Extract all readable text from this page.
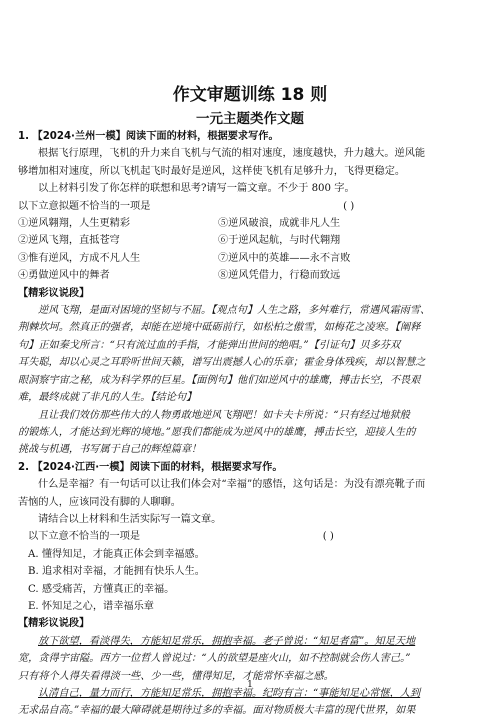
作文审题训练 18 则
一元主题类作文题
1. 【2024·兰州一模】阅读下面的材料，根据要求写作。
根据飞行原理，飞机的升力来自飞机与气流的相对速度，速度越快，升力越大。逆风能
够增加相对速度，所以飞机起飞时最好是逆风，这样使飞机有足够升力，飞得更稳定。
以上材料引发了你怎样的联想和思考?请写一篇文章。不少于 800 字。
以下立意拟题不恰当的一项是	( )
①逆风翱翔，人生更精彩	⑤逆风破浪，成就非凡人生
②逆风飞翔，直抵苍穹	⑥于逆风起航，与时代翱翔
③惟有逆风，方成不凡人生	⑦逆风中的英雄——永不言败
④勇做逆风中的舞者	⑧逆风凭借力，行稳而致远
【精彩议说段】
逆风飞翔，是面对困境的坚韧与不屈。【观点句】人生之路，多舛难行，常遇风霜雨雪、
荆棘坎坷。然真正的强者，却能在逆境中砥砺前行，如松柏之傲雪，如梅花之凌寒。【阐释
句】正如秦戈所言：“只有流过血的手指，才能弹出世间的绝唱。”【引证句】贝多芬双
耳失聪，却以心灵之耳聆听世间天籁，谱写出震撼人心的乐章；霍金身体残疾，却以智慧之
眼洞察宇宙之秘，成为科学界的巨星。【面例句】他们如逆风中的雄鹰，搏击长空，不畏艰
难，最终成就了非凡的人生。【结论句】
且让我们效仿那些伟大的人物勇敢地逆风飞翔吧！如卡夫卡所说：“只有经过地狱般
的锻炼人，才能达到光辉的境地。”愿我们都能成为逆风中的雄鹰，搏击长空，迎接人生的
挑战与机遇，书写属于自己的辉煌篇章！
2. 【2024·江西·一模】阅读下面的材料，根据要求写作。
什么是幸福？有一句话可以让我们体会对“幸福”的感悟，这句话是：为没有漂亮靴子而
苦恼的人，应该同没有脚的人聊聊。
请结合以上材料和生活实际写一篇文章。
以下立意不恰当的一项是	( )
A. 懂得知足，才能真正体会到幸福感。
B. 追求相对幸福，才能拥有快乐人生。
C. 感受痛苦，方懂真正的幸福。
E. 怀知足之心，谱幸福乐章
【精彩议说段】
放下欲望，看淡得失，方能知足常乐，拥抱幸福。老子曾说：“知足者富”。知足天地
宽，贪得宇宙隘。西方一位哲人曾说过：“人的欲望是座火山，如不控制就会伤人害己。”
只有将个人得失看得淡一些、少一些，懂得知足，才能常怀幸福之感。
认清自己，量力而行，方能知足常乐，拥抱幸福。纪昀有言：“事能知足心常惬，人到
无求品自高。”幸福的最大障碍就是期待过多的幸福。面对物质极大丰富的现代世界，如果
1
